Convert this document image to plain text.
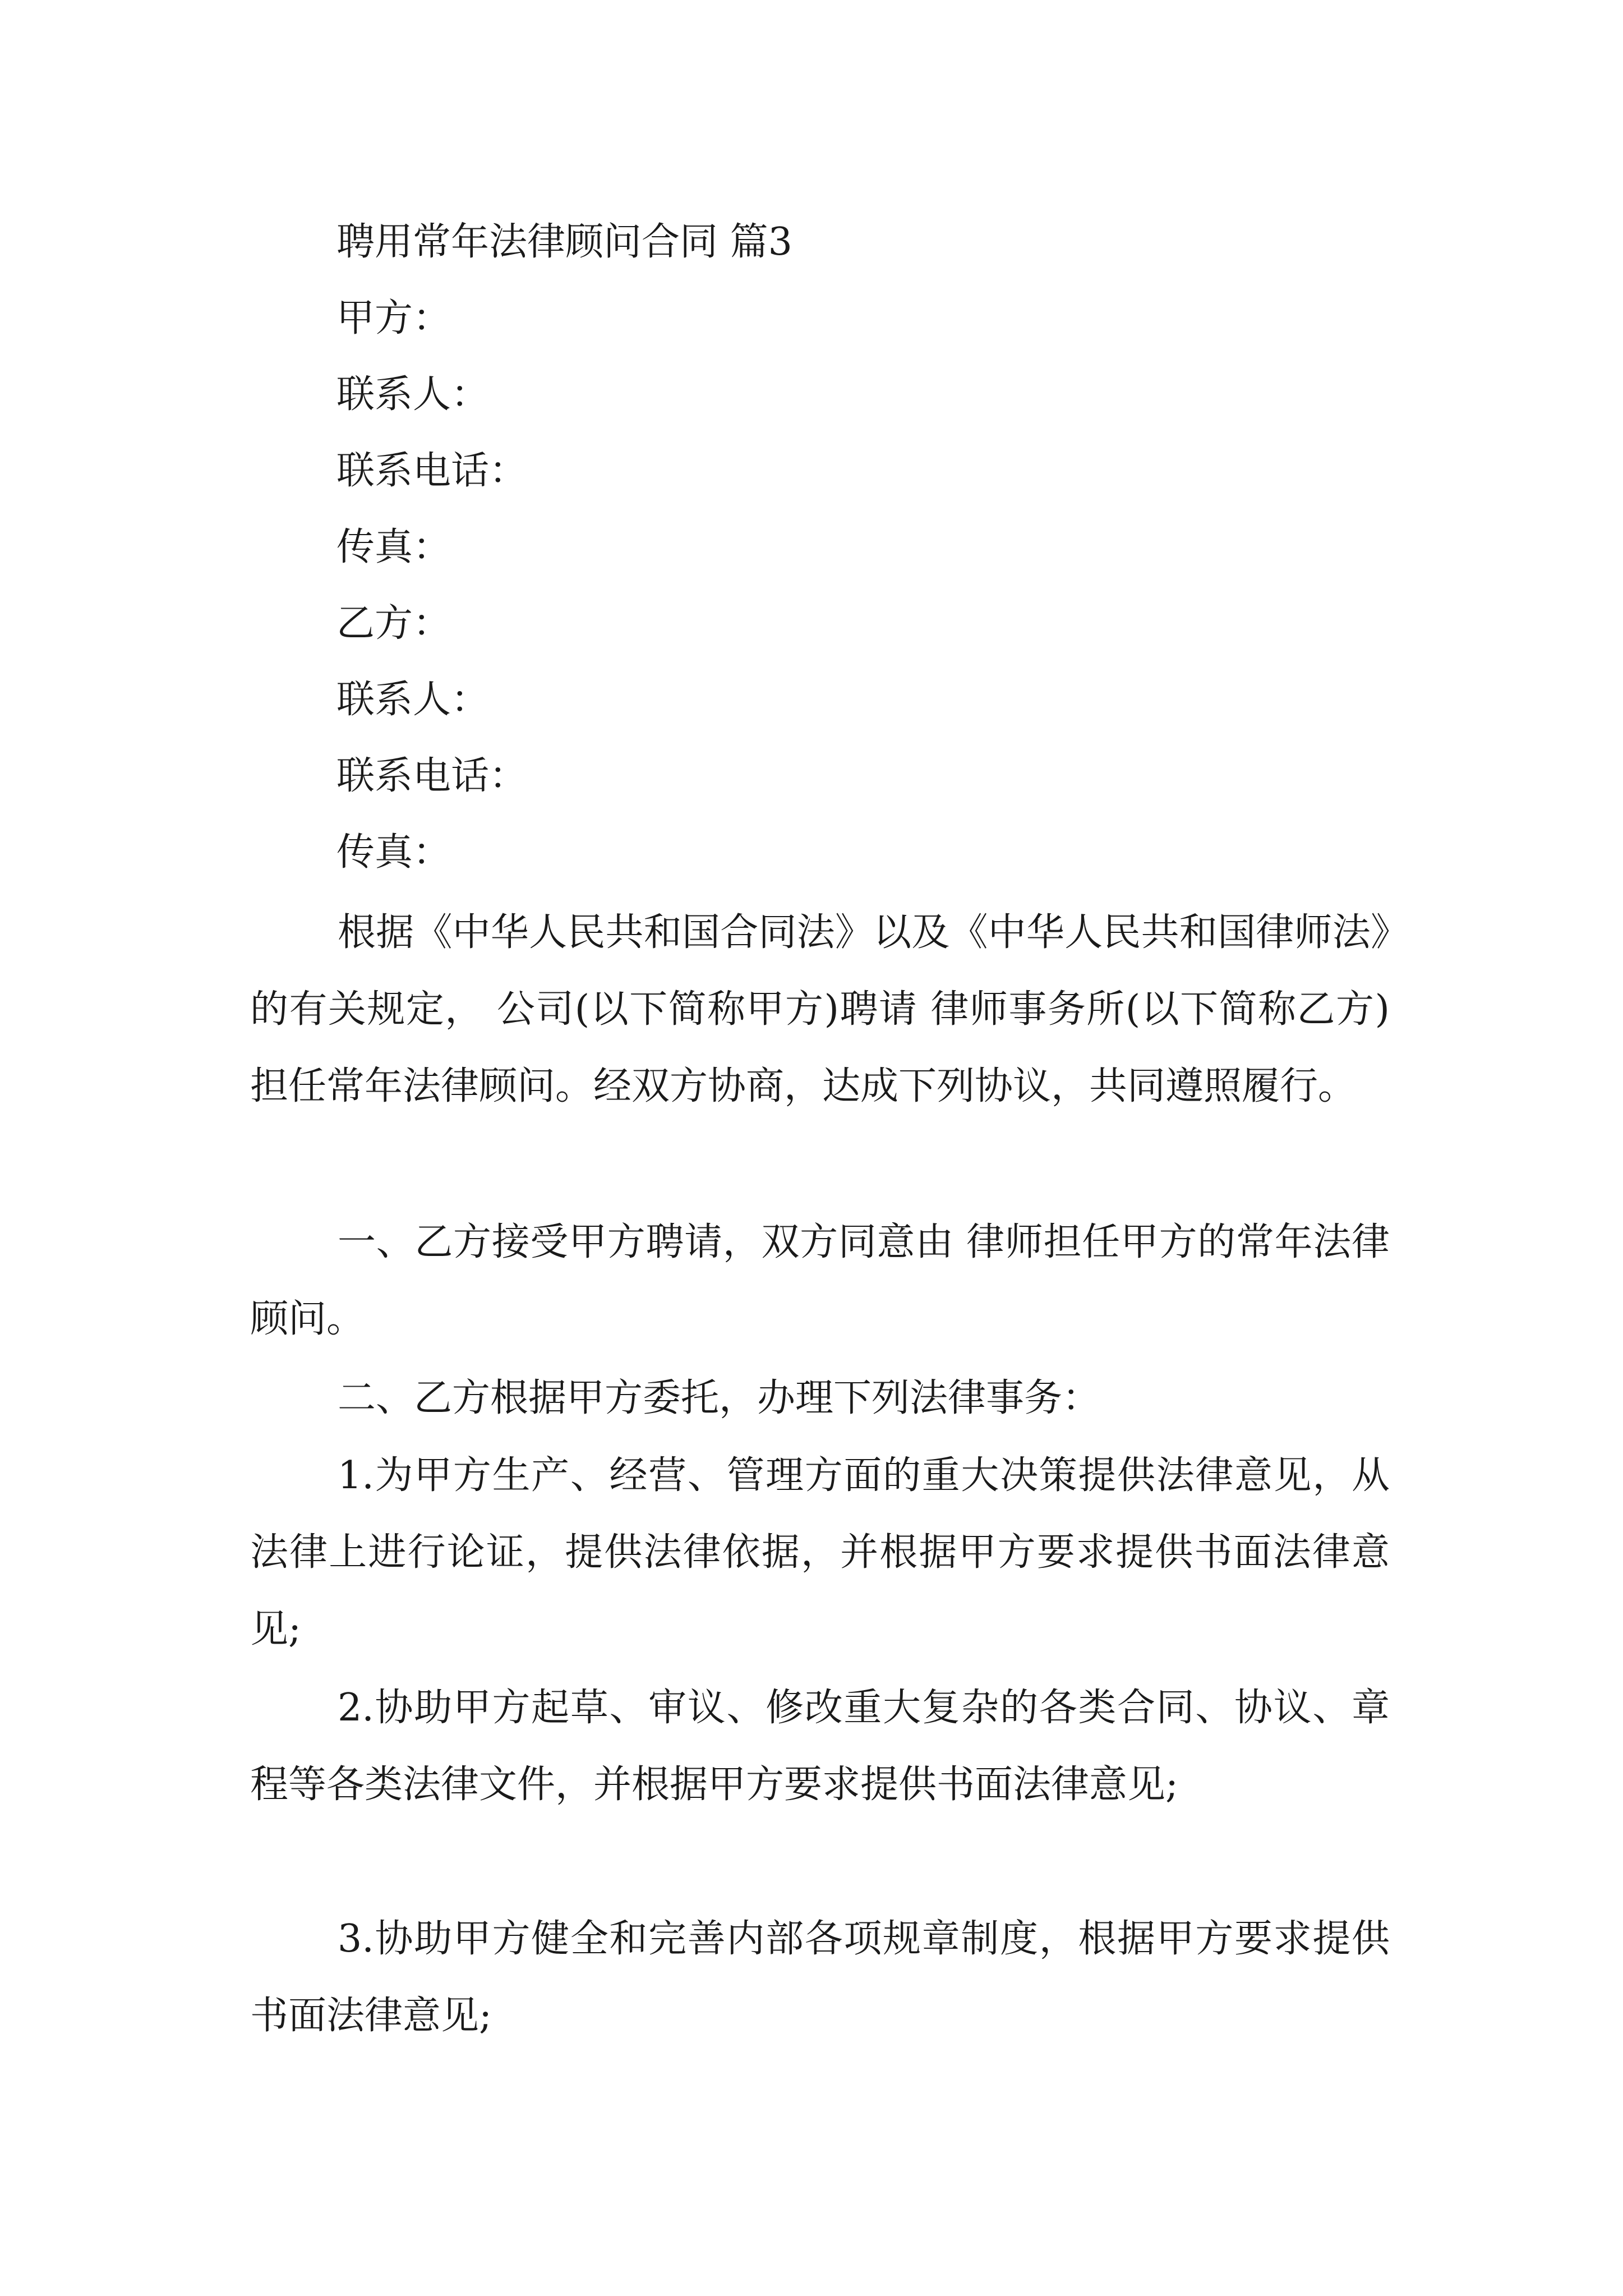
聘用常年法律顾问合同 篇3
甲方：
联系人：
联系电话：
传真：
乙方：
联系人：
联系电话：
传真：

根据《中华人民共和国合同法》以及《中华人民共和国律师法》的有关规定， 公司(以下简称甲方)聘请 律师事务所(以下简称乙方)担任常年法律顾问。经双方协商，达成下列协议，共同遵照履行。

一、乙方接受甲方聘请，双方同意由 律师担任甲方的常年法律顾问。

二、乙方根据甲方委托，办理下列法律事务：

1.为甲方生产、经营、管理方面的重大决策提供法律意见，从法律上进行论证，提供法律依据，并根据甲方要求提供书面法律意见;

2.协助甲方起草、审议、修改重大复杂的各类合同、协议、章程等各类法律文件，并根据甲方要求提供书面法律意见;

3.协助甲方健全和完善内部各项规章制度，根据甲方要求提供书面法律意见;
